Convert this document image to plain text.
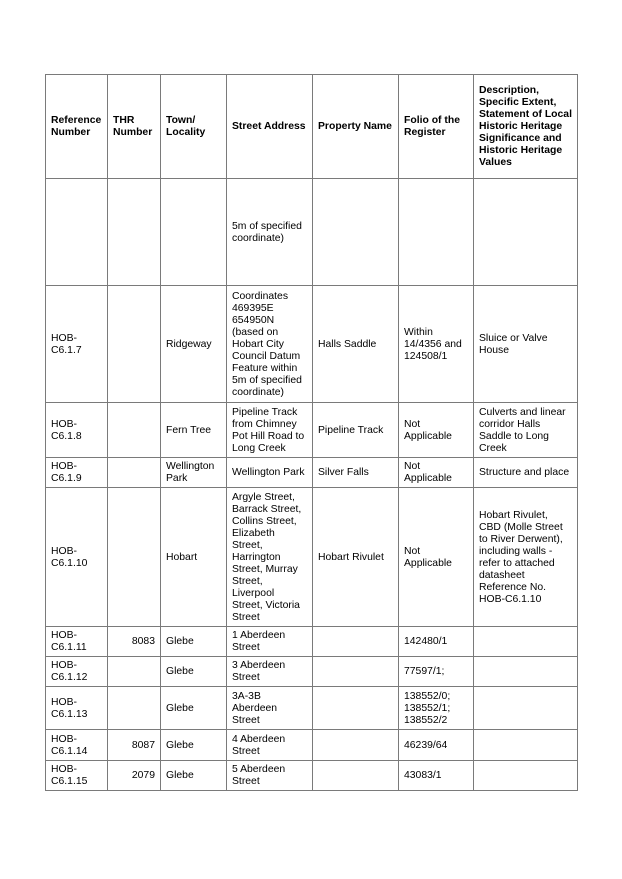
Reference Number	THR Number	Town/ Locality	Street Address	Property Name	Folio of the Register	Description, Specific Extent, Statement of Local Historic Heritage Significance and Historic Heritage Values
			5m of specified coordinate)			
HOB-C6.1.7		Ridgeway	Coordinates 469395E 654950N (based on Hobart City Council Datum Feature within 5m of specified coordinate)	Halls Saddle	Within 14/4356 and 124508/1	Sluice or Valve House
HOB-C6.1.8		Fern Tree	Pipeline Track from Chimney Pot Hill Road to Long Creek	Pipeline Track	Not Applicable	Culverts and linear corridor Halls Saddle to Long Creek
HOB-C6.1.9		Wellington Park	Wellington Park	Silver Falls	Not Applicable	Structure and place
HOB-C6.1.10		Hobart	Argyle Street, Barrack Street, Collins Street, Elizabeth Street, Harrington Street, Murray Street, Liverpool Street, Victoria Street	Hobart Rivulet	Not Applicable	Hobart Rivulet, CBD (Molle Street to River Derwent), including walls - refer to attached datasheet Reference No. HOB-C6.1.10
HOB-C6.1.11	8083	Glebe	1 Aberdeen Street		142480/1	
HOB-C6.1.12		Glebe	3 Aberdeen Street		77597/1;	
HOB-C6.1.13		Glebe	3A-3B Aberdeen Street		138552/0; 138552/1; 138552/2	
HOB-C6.1.14	8087	Glebe	4 Aberdeen Street		46239/64	
HOB-C6.1.15	2079	Glebe	5 Aberdeen Street		43083/1	
